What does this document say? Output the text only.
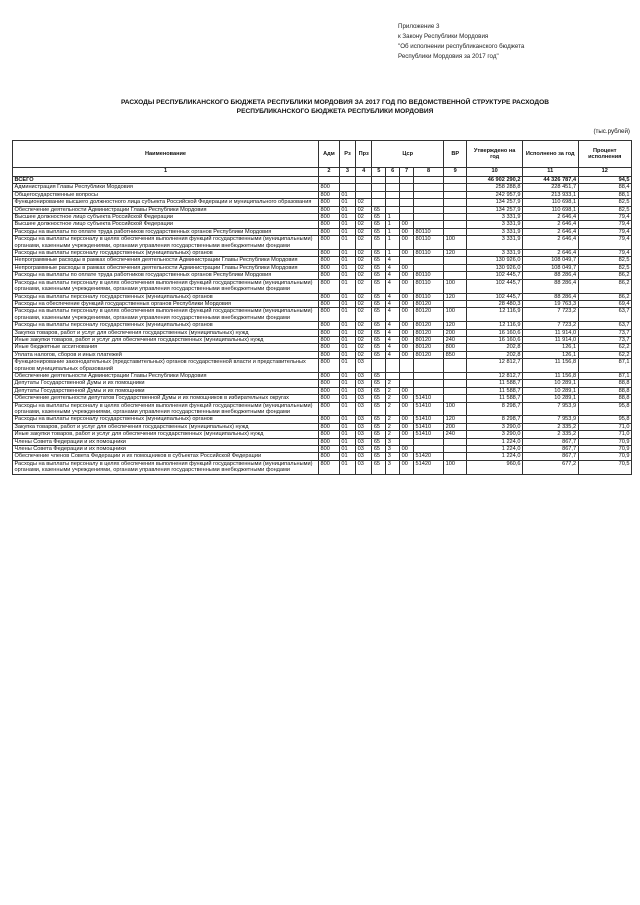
Приложение 3
к Закону Республики Мордовия
"Об исполнении республиканского бюджета
Республики Мордовия за 2017 год"
РАСХОДЫ РЕСПУБЛИКАНСКОГО БЮДЖЕТА РЕСПУБЛИКИ МОРДОВИЯ ЗА 2017 ГОД ПО ВЕДОМСТВЕННОЙ СТРУКТУРЕ РАСХОДОВ
РЕСПУБЛИКАНСКОГО БЮДЖЕТА РЕСПУБЛИКИ МОРДОВИЯ
(тыс.рублей)
Наименование	Адм	Рз	Прз	Цср				ВР	Утверждено на год	Исполнено за год	Процент исполнения
1	2	3	4	5	6	7	8	9	10	11	12
ВСЕГО									46 902 290,2	44 326 787,4	94,5
Администрация Главы Республики Мордовия	800								258 288,8	228 451,7	88,4
Общегосударственные вопросы	800	01							242 957,9	213 933,1	88,1
Функционирование высшего должностного лица субъекта Российской Федерации и муниципального образования	800	01	02						134 257,9	110 698,1	82,5
Обеспечение деятельности Администрации Главы Республики Мордовия	800	01	02	65					134 257,9	110 698,1	82,5
Высшее должностное лицо субъекта Российской Федерации	800	01	02	65	1				3 331,9	2 646,4	79,4
Высшее должностное лицо субъекта Российской Федерации	800	01	02	65	1	00			3 331,9	2 646,4	79,4
Расходы на выплаты по оплате труда работников государственных органов Республики Мордовия	800	01	02	65	1	00	80110		3 331,9	2 646,4	79,4
Расходы на выплаты персоналу в целях обеспечения выполнения функций государственными (муниципальными) органами, казенными учреждениями, органами управления государственными внебюджетными фондами	800	01	02	65	1	00	80110	100	3 331,9	2 646,4	79,4
Расходы на выплаты персоналу государственных (муниципальных) органов	800	01	02	65	1	00	80110	120	3 331,9	2 646,4	79,4
Непрограммные расходы в рамках обеспечения деятельности Администрации Главы Республики Мордовия	800	01	02	65	4				130 926,0	108 049,7	82,5
Непрограммные расходы в рамках обеспечения деятельности Администрации Главы Республики Мордовия	800	01	02	65	4	00			130 926,0	108 049,7	82,5
Расходы на выплаты по оплате труда работников государственных органов Республики Мордовия	800	01	02	65	4	00	80110		102 445,7	88 286,4	86,2
Расходы на выплаты персоналу в целях обеспечения выполнения функций государственными (муниципальными) органами, казенными учреждениями, органами управления государственными внебюджетными фондами	800	01	02	65	4	00	80110	100	102 445,7	88 286,4	86,2
Расходы на выплаты персоналу государственных (муниципальных) органов	800	01	02	65	4	00	80110	120	102 445,7	88 286,4	86,2
Расходы на обеспечение функций государственных органов Республики Мордовия	800	01	02	65	4	00	80120		28 480,3	19 763,3	69,4
Расходы на выплаты персоналу в целях обеспечения выполнения функций государственными (муниципальными) органами, казенными учреждениями, органами управления государственными внебюджетными фондами	800	01	02	65	4	00	80120	100	12 116,9	7 723,2	63,7
Расходы на выплаты персоналу государственных (муниципальных) органов	800	01	02	65	4	00	80120	120	12 116,9	7 723,2	63,7
Закупка товаров, работ и услуг для обеспечения государственных (муниципальных) нужд	800	01	02	65	4	00	80120	200	16 160,6	11 914,0	73,7
Иные закупки товаров, работ и услуг для обеспечения государственных (муниципальных) нужд	800	01	02	65	4	00	80120	240	16 160,6	11 914,0	73,7
Иные бюджетные ассигнования	800	01	02	65	4	00	80120	800	202,8	126,1	62,2
Уплата налогов, сборов и иных платежей	800	01	02	65	4	00	80120	850	202,8	126,1	62,2
Функционирование законодательных (представительных) органов государственной власти и представительных органов муниципальных образований	800	01	03						12 812,7	11 156,8	87,1
Обеспечение деятельности Администрации Главы Республики Мордовия	800	01	03	65					12 812,7	11 156,8	87,1
Депутаты Государственной Думы и их помощники	800	01	03	65	2				11 588,7	10 289,1	88,8
Депутаты Государственной Думы и их помощники	800	01	03	65	2	00			11 588,7	10 289,1	88,8
Обеспечение деятельности депутатов Государственной Думы и их помощников в избирательных округах	800	01	03	65	2	00	51410		11 588,7	10 289,1	88,8
Расходы на выплаты персоналу в целях обеспечения выполнения функций государственными (муниципальными) органами, казенными учреждениями, органами управления государственными внебюджетными фондами	800	01	03	65	2	00	51410	100	8 298,7	7 953,9	95,8
Расходы на выплаты персоналу государственных (муниципальных) органов	800	01	03	65	2	00	51410	120	8 298,7	7 953,9	95,8
Закупка товаров, работ и услуг для обеспечения государственных (муниципальных) нужд	800	01	03	65	2	00	51410	200	3 290,0	2 335,2	71,0
Иные закупки товаров, работ и услуг для обеспечения государственных (муниципальных) нужд	800	01	03	65	2	00	51410	240	3 290,0	2 335,2	71,0
Члены Совета Федерации и их помощники	800	01	03	65	3				1 224,0	867,7	70,9
Члены Совета Федерации и их помощники	800	01	03	65	3	00			1 224,0	867,7	70,9
Обеспечение членов Совета Федерации и их помощников в субъектах Российской Федерации	800	01	03	65	3	00	51420		1 224,0	867,7	70,9
Расходы на выплаты персоналу в целях обеспечения выполнения функций государственными (муниципальными) органами, казенными учреждениями, органами управления государственными внебюджетными фондами	800	01	03	65	3	00	51420	100	960,6	677,2	70,5
